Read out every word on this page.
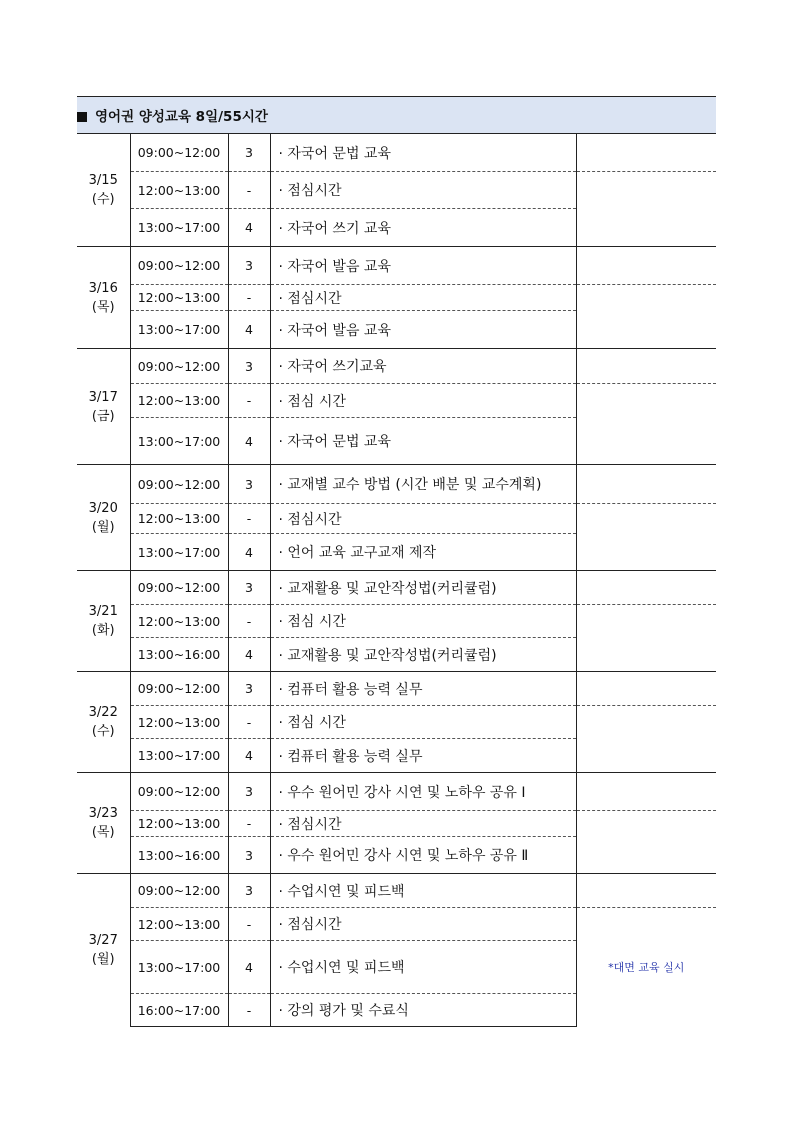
영어권 양성교육 8일/55시간				

3/15
(수)	09:00~12:00	3	· 자국어 문법 교육	
	12:00~13:00	-	· 점심시간	
	13:00~17:00	4	· 자국어 쓰기 교육	

3/16
(목)	09:00~12:00	3	· 자국어 발음 교육	
	12:00~13:00	-	· 점심시간	
	13:00~17:00	4	· 자국어 발음 교육	

3/17
(금)	09:00~12:00	3	· 자국어 쓰기교육	
	12:00~13:00	-	· 점심 시간	
	13:00~17:00	4	· 자국어 문법 교육	

3/20
(월)	09:00~12:00	3	· 교재별 교수 방법 (시간 배분 및 교수계획)	
	12:00~13:00	-	· 점심시간	
	13:00~17:00	4	· 언어 교육 교구교재 제작	

3/21
(화)	09:00~12:00	3	· 교재활용 및 교안작성법(커리큘럼)	
	12:00~13:00	-	· 점심 시간	
	13:00~16:00	4	· 교재활용 및 교안작성법(커리큘럼)	

3/22
(수)	09:00~12:00	3	· 컴퓨터 활용 능력 실무	
	12:00~13:00	-	· 점심 시간	
	13:00~17:00	4	· 컴퓨터 활용 능력 실무	

3/23
(목)	09:00~12:00	3	· 우수 원어민 강사 시연 및 노하우 공유 Ⅰ	
	12:00~13:00	-	· 점심시간	
	13:00~16:00	3	· 우수 원어민 강사 시연 및 노하우 공유 Ⅱ	

3/27
(월)	09:00~12:00	3	· 수업시연 및 피드백	
	12:00~13:00	-	· 점심시간	*대면 교육 실시
	13:00~17:00	4	· 수업시연 및 피드백	
	16:00~17:00	-	· 강의 평가 및 수료식	
